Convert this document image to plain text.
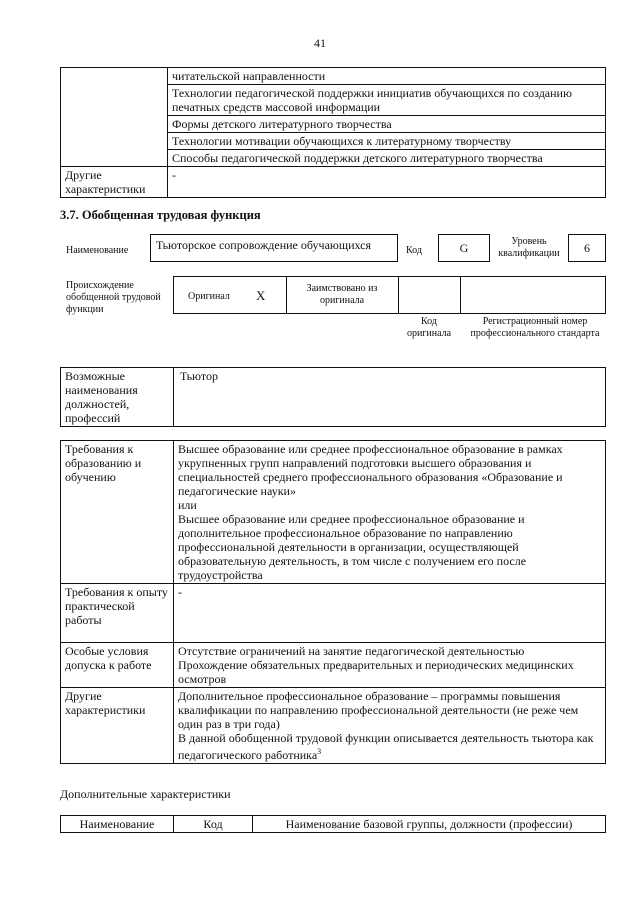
41
	читательской направленности
	Технологии педагогической поддержки инициатив обучающихся по созданию печатных средств массовой информации
	Формы детского литературного творчества
	Технологии мотивации обучающихся к литературному творчеству
	Способы педагогической поддержки детского литературного творчества
Другие характеристики	-
3.7. Обобщенная трудовая функция
Наименование	Тьюторское сопровождение обучающихся	Код	G	Уровень квалификации	6
Происхождение обобщенной трудовой функции
Оригинал X	Заимствовано из оригинала
Код оригинала
Регистрационный номер профессионального стандарта
Возможные наименования должностей, профессий	Тьютор
Требования к образованию и обучению	Высшее образование или среднее профессиональное образование в рамках укрупненных групп направлений подготовки высшего образования и специальностей среднего профессионального образования «Образование и педагогические науки»

или

Высшее образование или среднее профессиональное образование и дополнительное профессиональное образование по направлению профессиональной деятельности в организации, осуществляющей образовательную деятельность, в том числе с получением его после трудоустройства

Требования к опыту практической работы	-
Особые условия допуска к работе	Отсутствие ограничений на занятие педагогической деятельностью

Прохождение обязательных предварительных и периодических медицинских осмотров

Другие характеристики	Дополнительное профессиональное образование – программы повышения квалификации по направлению профессиональной деятельности (не реже чем один раз в три года)

В данной обобщенной трудовой функции описывается деятельность тьютора как педагогического работника$^3$

Дополнительные характеристики
Наименование	Код	Наименование базовой группы, должности (профессии)
